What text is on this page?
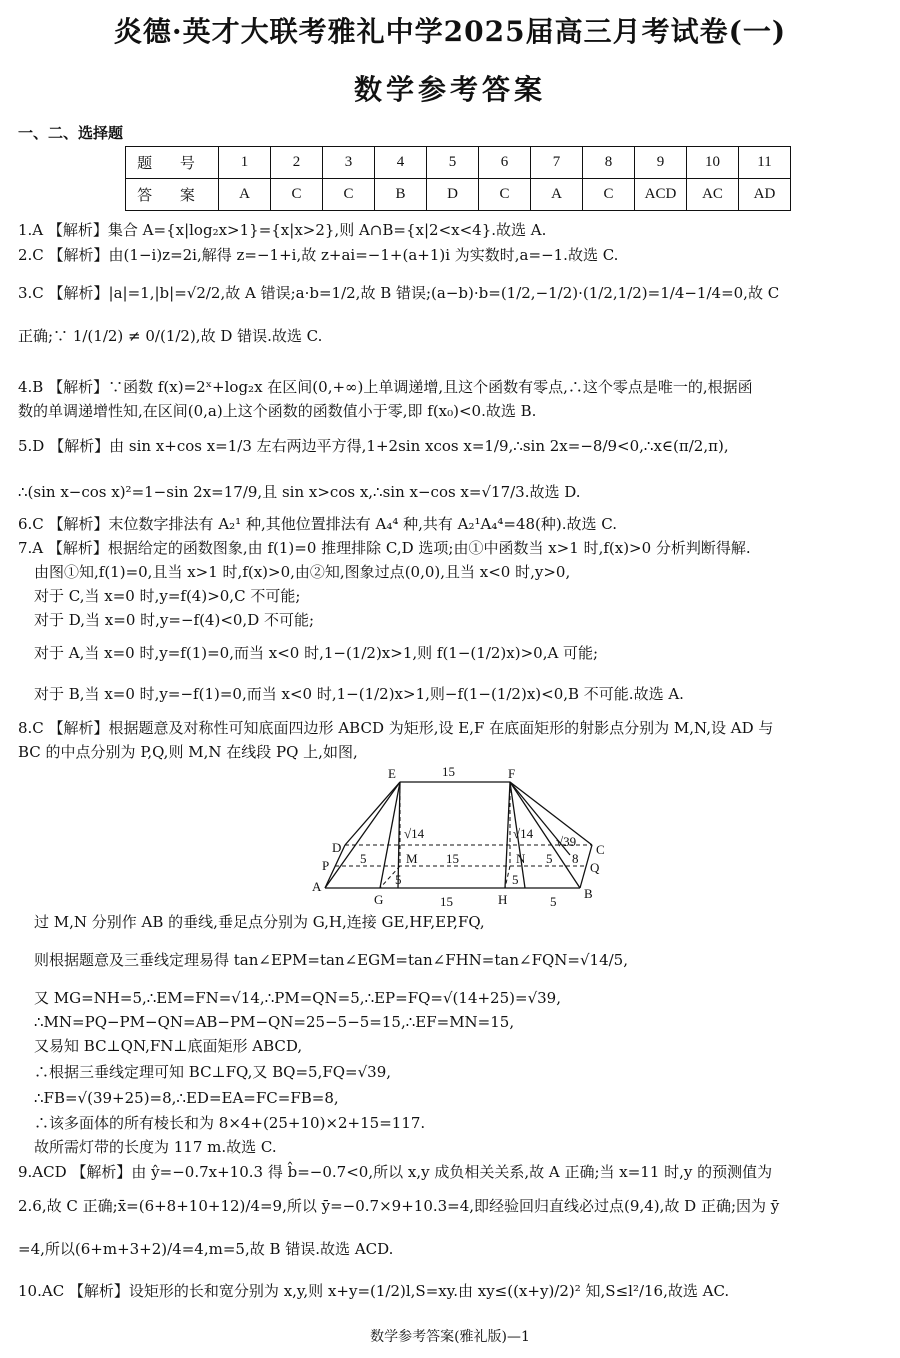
炎德·英才大联考雅礼中学2025届高三月考试卷(一)
数学参考答案
一、二、选择题
题 号	1	2	3	4	5	6	7	8	9	10	11
答 案	A	C	C	B	D	C	A	C	ACD	AC	AD
1.A 【解析】集合 A={x|log₂x>1}={x|x>2},则 A∩B={x|2<x<4}.故选 A.
2.C 【解析】由(1−i)z=2i,解得 z=−1+i,故 z+ai=−1+(a+1)i 为实数时,a=−1.故选 C.
3.C 【解析】|a|=1,|b|=√2/2,故 A 错误;a·b=1/2,故 B 错误;(a−b)·b=(1/2,−1/2)·(1/2,1/2)=1/4−1/4=0,故 C
正确;∵ 1/(1/2) ≠ 0/(1/2),故 D 错误.故选 C.
4.B 【解析】∵函数 f(x)=2ˣ+log₂x 在区间(0,+∞)上单调递增,且这个函数有零点,∴这个零点是唯一的,根据函
数的单调递增性知,在区间(0,a)上这个函数的函数值小于零,即 f(x₀)<0.故选 B.
5.D 【解析】由 sin x+cos x=1/3 左右两边平方得,1+2sin xcos x=1/9,∴sin 2x=−8/9<0,∴x∈(π/2,π),
∴(sin x−cos x)²=1−sin 2x=17/9,且 sin x>cos x,∴sin x−cos x=√17/3.故选 D.
6.C 【解析】末位数字排法有 A₂¹ 种,其他位置排法有 A₄⁴ 种,共有 A₂¹A₄⁴=48(种).故选 C.
7.A 【解析】根据给定的函数图象,由 f(1)=0 推理排除 C,D 选项;由①中函数当 x>1 时,f(x)>0 分析判断得解.
由图①知,f(1)=0,且当 x>1 时,f(x)>0,由②知,图象过点(0,0),且当 x<0 时,y>0,
对于 C,当 x=0 时,y=f(4)>0,C 不可能;
对于 D,当 x=0 时,y=−f(4)<0,D 不可能;
对于 A,当 x=0 时,y=f(1)=0,而当 x<0 时,1−(1/2)x>1,则 f(1−(1/2)x)>0,A 可能;
对于 B,当 x=0 时,y=−f(1)=0,而当 x<0 时,1−(1/2)x>1,则−f(1−(1/2)x)<0,B 不可能.故选 A.
8.C 【解析】根据题意及对称性可知底面四边形 ABCD 为矩形,设 E,F 在底面矩形的射影点分别为 M,N,设 AD 与
BC 的中点分别为 P,Q,则 M,N 在线段 PQ 上,如图,
E	F
15
√14	√14
√39
D	C
P	Q
A	B
5	M 15	N 5 8
5	5
G	H
15	5
过 M,N 分别作 AB 的垂线,垂足点分别为 G,H,连接 GE,HF,EP,FQ,
则根据题意及三垂线定理易得 tan∠EPM=tan∠EGM=tan∠FHN=tan∠FQN=√14/5,
又 MG=NH=5,∴EM=FN=√14,∴PM=QN=5,∴EP=FQ=√(14+25)=√39,
∴MN=PQ−PM−QN=AB−PM−QN=25−5−5=15,∴EF=MN=15,
又易知 BC⊥QN,FN⊥底面矩形 ABCD,
∴根据三垂线定理可知 BC⊥FQ,又 BQ=5,FQ=√39,
∴FB=√(39+25)=8,∴ED=EA=FC=FB=8,
∴该多面体的所有棱长和为 8×4+(25+10)×2+15=117.
故所需灯带的长度为 117 m.故选 C.
9.ACD 【解析】由 ŷ=−0.7x+10.3 得 b̂=−0.7<0,所以 x,y 成负相关关系,故 A 正确;当 x=11 时,y 的预测值为
2.6,故 C 正确;x̄=(6+8+10+12)/4=9,所以 ȳ=−0.7×9+10.3=4,即经验回归直线必过点(9,4),故 D 正确;因为 ȳ
=4,所以(6+m+3+2)/4=4,m=5,故 B 错误.故选 ACD.
10.AC 【解析】设矩形的长和宽分别为 x,y,则 x+y=(1/2)l,S=xy.由 xy≤((x+y)/2)² 知,S≤l²/16,故选 AC.
数学参考答案(雅礼版)—1
